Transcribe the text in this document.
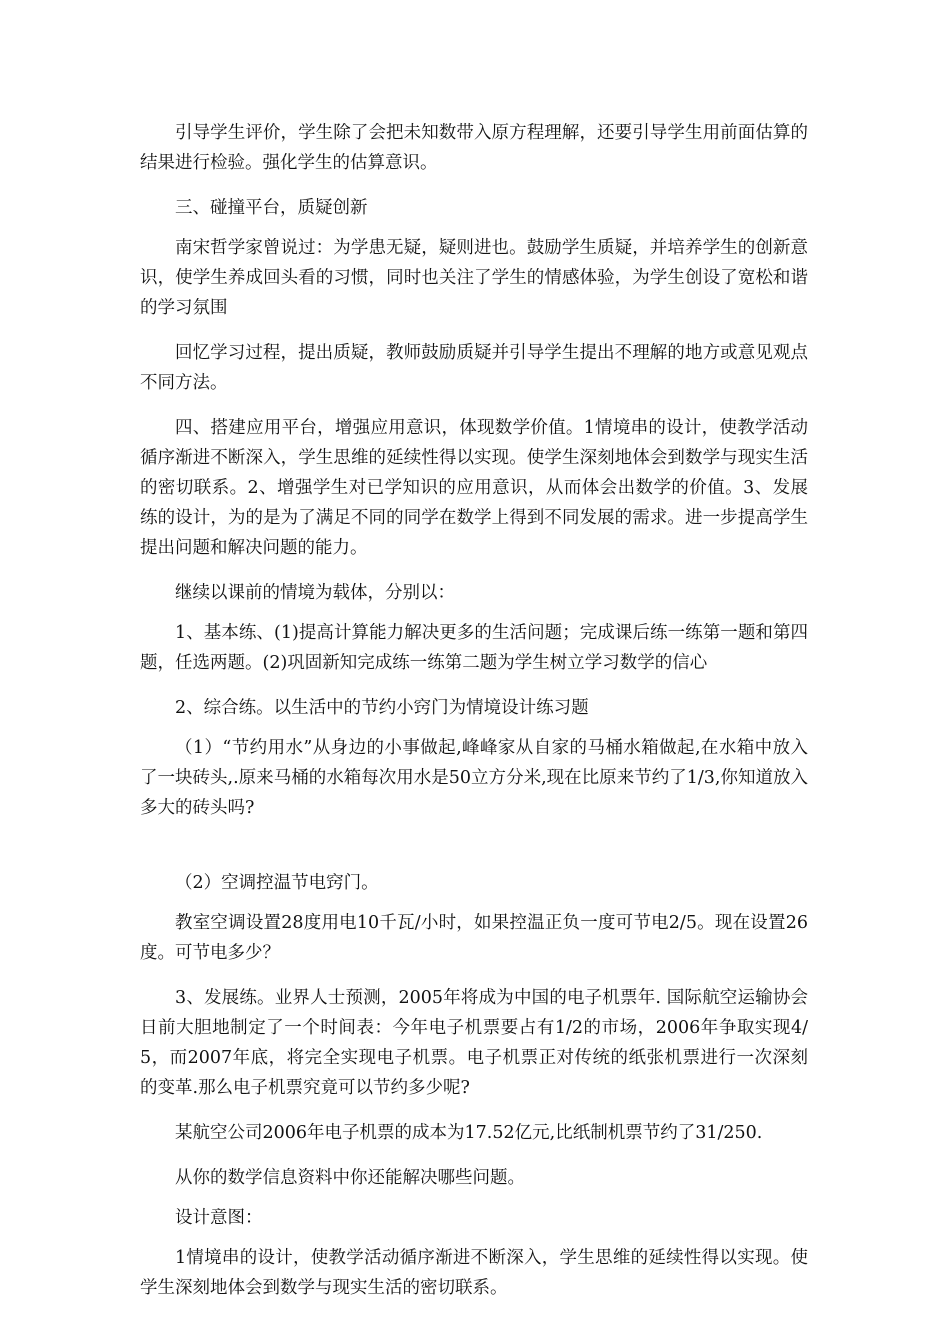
引导学生评价，学生除了会把未知数带入原方程理解，还要引导学生用前面估算的结果进行检验。强化学生的估算意识。

三、碰撞平台，质疑创新

南宋哲学家曾说过：为学患无疑，疑则进也。鼓励学生质疑，并培养学生的创新意识，使学生养成回头看的习惯，同时也关注了学生的情感体验，为学生创设了宽松和谐的学习氛围

回忆学习过程，提出质疑，教师鼓励质疑并引导学生提出不理解的地方或意见观点不同方法。

四、搭建应用平台，增强应用意识，体现数学价值。1情境串的设计，使教学活动循序渐进不断深入，学生思维的延续性得以实现。使学生深刻地体会到数学与现实生活的密切联系。2、增强学生对已学知识的应用意识，从而体会出数学的价值。3、发展练的设计，为的是为了满足不同的同学在数学上得到不同发展的需求。进一步提高学生提出问题和解决问题的能力。

继续以课前的情境为载体，分别以：

1、基本练、(1)提高计算能力解决更多的生活问题；完成课后练一练第一题和第四题，任选两题。(2)巩固新知完成练一练第二题为学生树立学习数学的信心

2、综合练。以生活中的节约小窍门为情境设计练习题

（1）“节约用水”从身边的小事做起,峰峰家从自家的马桶水箱做起,在水箱中放入了一块砖头,.原来马桶的水箱每次用水是50立方分米,现在比原来节约了1/3,你知道放入多大的砖头吗?

（2）空调控温节电窍门。

教室空调设置28度用电10千瓦/小时，如果控温正负一度可节电2/5。现在设置26度。可节电多少？

3、发展练。业界人士预测，2005年将成为中国的电子机票年. 国际航空运输协会日前大胆地制定了一个时间表：今年电子机票要占有1/2的市场，2006年争取实现4/5，而2007年底，将完全实现电子机票。电子机票正对传统的纸张机票进行一次深刻的变革.那么电子机票究竟可以节约多少呢?

某航空公司2006年电子机票的成本为17.52亿元,比纸制机票节约了31/250.

从你的数学信息资料中你还能解决哪些问题。

设计意图：

1情境串的设计，使教学活动循序渐进不断深入，学生思维的延续性得以实现。使学生深刻地体会到数学与现实生活的密切联系。
